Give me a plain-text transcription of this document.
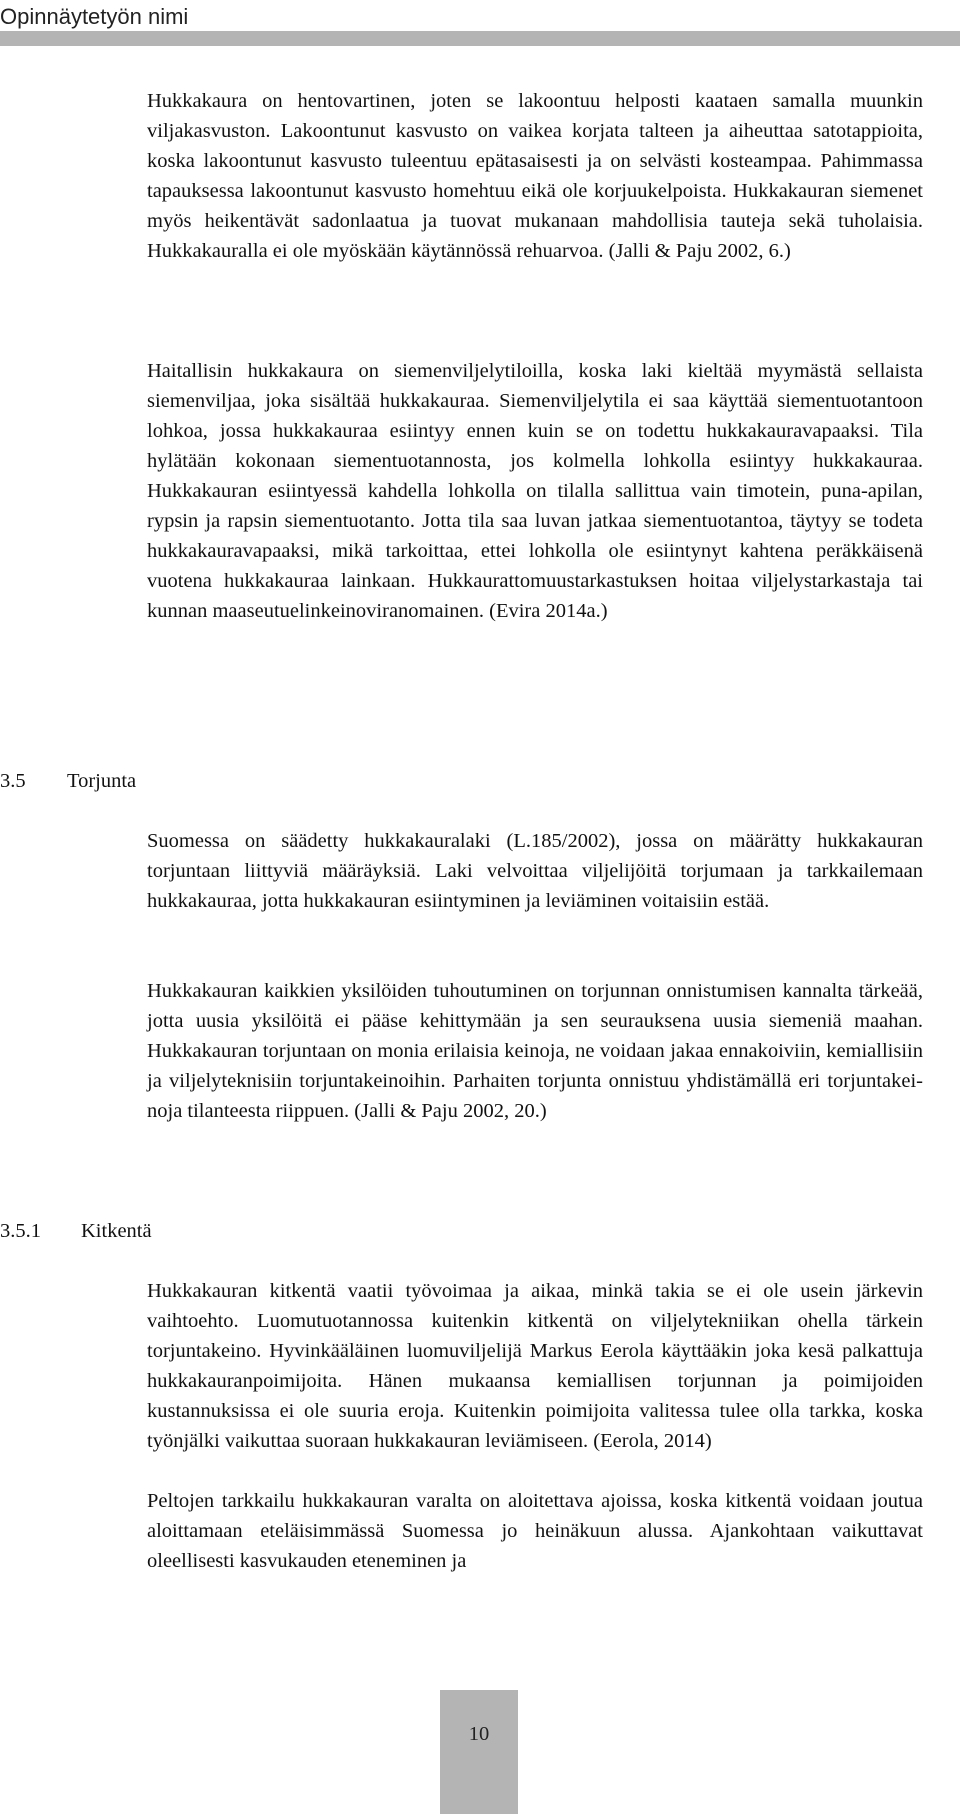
Opinnäytetyön nimi

Hukkakaura on hentovartinen, joten se lakoontuu helposti kaataen samalla muunkin viljakasvuston. Lakoontunut kasvusto on vaikea korjata talteen ja aiheuttaa satotappioita, koska lakoontunut kasvusto tuleentuu epätasaisesti ja on selvästi kosteampaa. Pahimmassa tapauksessa lakoontunut kasvusto homehtuu eikä ole korjuukelpoista. Hukkakauran siemenet myös heikentävät sadonlaatua ja tuovat mukanaan mahdollisia tauteja sekä tuholaisia. Hukkakauralla ei ole myöskään käytännössä rehuarvoa. (Jalli & Paju 2002, 6.)

Haitallisin hukkakaura on siemenviljelytiloilla, koska laki kieltää myymästä sellaista siemenviljaa, joka sisältää hukkakauraa. Siemenviljelytila ei saa käyttää siementuotantoon lohkoa, jossa hukkakauraa esiintyy ennen kuin se on todettu hukkakauravapaaksi. Tila hylätään kokonaan siementuotannosta, jos kolmella lohkolla esiintyy hukkakauraa. Hukkakauran esiintyessä kahdella lohkolla on tilalla sallittua vain timotein, puna-apilan, rypsin ja rapsin siementuotanto. Jotta tila saa luvan jatkaa siementuotantoa, täytyy se todeta hukkakauravapaaksi, mikä tarkoittaa, ettei lohkolla ole esiintynyt kahtena peräkkäisenä vuotena hukkakauraa lainkaan. Hukkaurattomuustarkastuksen hoitaa viljelystarkastaja tai kunnan maaseutuelinkeinoviranomainen. (Evira 2014a.)

3.5 Torjunta

Suomessa on säädetty hukkakauralaki (L.185/2002), jossa on määrätty hukkakauran torjuntaan liittyviä määräyksiä. Laki velvoittaa viljelijöitä torjumaan ja tarkkailemaan hukkakauraa, jotta hukkakauran esiintyminen ja leviäminen voitaisiin estää.

Hukkakauran kaikkien yksilöiden tuhoutuminen on torjunnan onnistumisen kannalta tärkeää, jotta uusia yksilöitä ei pääse kehittymään ja sen seurauksena uusia siemeniä maahan. Hukkakauran torjuntaan on monia erilaisia keinoja, ne voidaan jakaa ennakoiviin, kemiallisiin ja viljelyteknisiin torjuntakeinoihin. Parhaiten torjunta onnistuu yhdistämällä eri torjuntakeinoja tilanteesta riippuen. (Jalli & Paju 2002, 20.)

3.5.1 Kitkentä

Hukkakauran kitkentä vaatii työvoimaa ja aikaa, minkä takia se ei ole usein järkevin vaihtoehto. Luomutuotannossa kuitenkin kitkentä on viljelytekniikan ohella tärkein torjuntakeino. Hyvinkääläinen luomuviljelijä Markus Eerola käyttääkin joka kesä palkattuja hukkakauranpoimijoita. Hänen mukaansa kemiallisen torjunnan ja poimijoiden kustannuksissa ei ole suuria eroja. Kuitenkin poimijoita valitessa tulee olla tarkka, koska työnjälki vaikuttaa suoraan hukkakauran leviämiseen. (Eerola, 2014)

Peltojen tarkkailu hukkakauran varalta on aloitettava ajoissa, koska kitkentä voidaan joutua aloittamaan eteläisimmässä Suomessa jo heinäkuun alussa. Ajankohtaan vaikuttavat oleellisesti kasvukauden eteneminen ja

10
